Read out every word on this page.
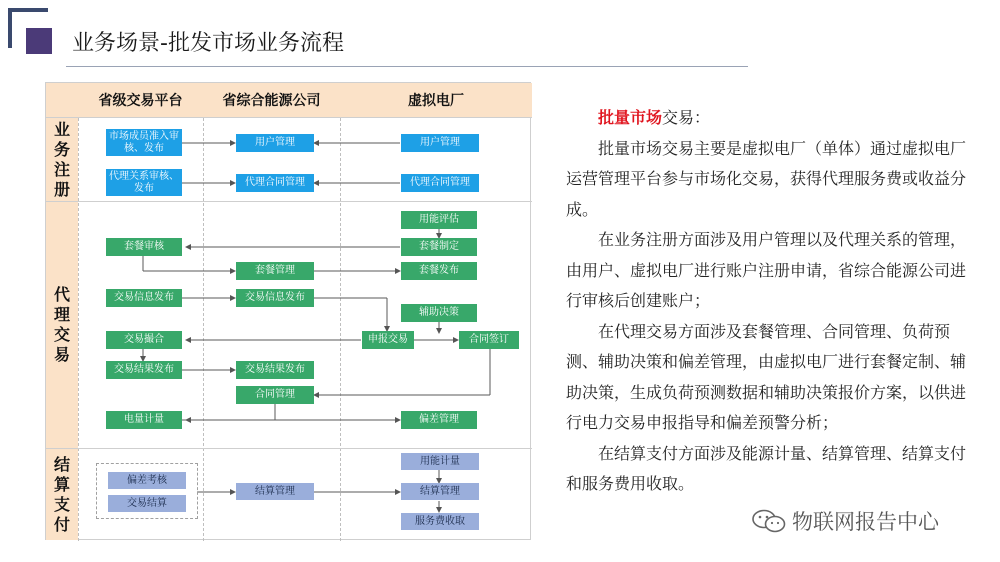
业务场景-批发市场业务流程
省级交易平台	省综合能源公司	虚拟电厂
业务注册
代理交易
结算支付
市场成员准入审核、发布	用户管理	用户管理
代理关系审核、发布	代理合同管理	代理合同管理
用能评估
套餐审核	套餐制定
套餐管理	套餐发布
交易信息发布	交易信息发布
辅助决策
交易撮合	申报交易	合同签订
交易结果发布	交易结果发布
合同管理
电量计量	偏差管理
偏差考核
交易结算
用能计量
结算管理	结算管理
服务费收取

批量市场交易：

批量市场交易主要是虚拟电厂（单体）通过虚拟电厂运营管理平台参与市场化交易，获得代理服务费或收益分成。

在业务注册方面涉及用户管理以及代理关系的管理，由用户、虚拟电厂进行账户注册申请，省综合能源公司进行审核后创建账户；

在代理交易方面涉及套餐管理、合同管理、负荷预测、辅助决策和偏差管理，由虚拟电厂进行套餐定制、辅助决策，生成负荷预测数据和辅助决策报价方案，以供进行电力交易申报指导和偏差预警分析；

在结算支付方面涉及能源计量、结算管理、结算支付和服务费用收取。

物联网报告中心
